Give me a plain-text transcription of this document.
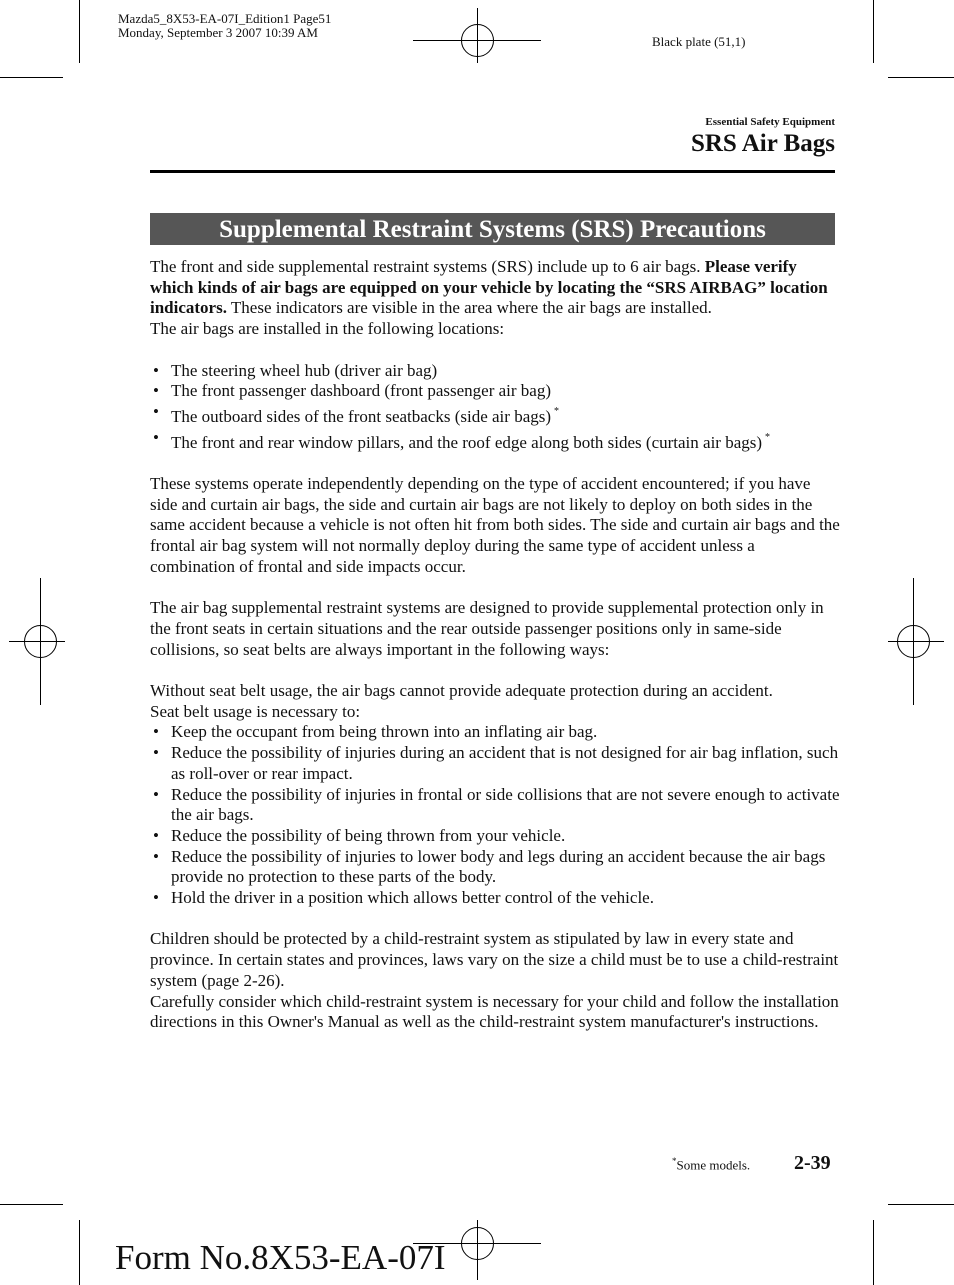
Mazda5_8X53-EA-07I_Edition1 Page51
Monday, September 3 2007 10:39 AM
Black plate (51,1)
Essential Safety Equipment
SRS Air Bags
Supplemental Restraint Systems (SRS) Precautions

The front and side supplemental restraint systems (SRS) include up to 6 air bags. Please verify which kinds of air bags are equipped on your vehicle by locating the “SRS AIRBAG” location indicators. These indicators are visible in the area where the air bags are installed.

The air bags are installed in the following locations:

• The steering wheel hub (driver air bag)
• The front passenger dashboard (front passenger air bag)
• The outboard sides of the front seatbacks (side air bags) *
• The front and rear window pillars, and the roof edge along both sides (curtain air bags) *

These systems operate independently depending on the type of accident encountered; if you have side and curtain air bags, the side and curtain air bags are not likely to deploy on both sides in the same accident because a vehicle is not often hit from both sides. The side and curtain air bags and the frontal air bag system will not normally deploy during the same type of accident unless a combination of frontal and side impacts occur.

The air bag supplemental restraint systems are designed to provide supplemental protection only in the front seats in certain situations and the rear outside passenger positions only in same-side collisions, so seat belts are always important in the following ways:

Without seat belt usage, the air bags cannot provide adequate protection during an accident.

Seat belt usage is necessary to:

• Keep the occupant from being thrown into an inflating air bag.
• Reduce the possibility of injuries during an accident that is not designed for air bag inflation, such as roll-over or rear impact.
• Reduce the possibility of injuries in frontal or side collisions that are not severe enough to activate the air bags.
• Reduce the possibility of being thrown from your vehicle.
• Reduce the possibility of injuries to lower body and legs during an accident because the air bags provide no protection to these parts of the body.
• Hold the driver in a position which allows better control of the vehicle.

Children should be protected by a child-restraint system as stipulated by law in every state and province. In certain states and provinces, laws vary on the size a child must be to use a child-restraint system (page 2-26).

Carefully consider which child-restraint system is necessary for your child and follow the installation directions in this Owner's Manual as well as the child-restraint system manufacturer's instructions.

*Some models. 2-39
Form No.8X53-EA-07I
